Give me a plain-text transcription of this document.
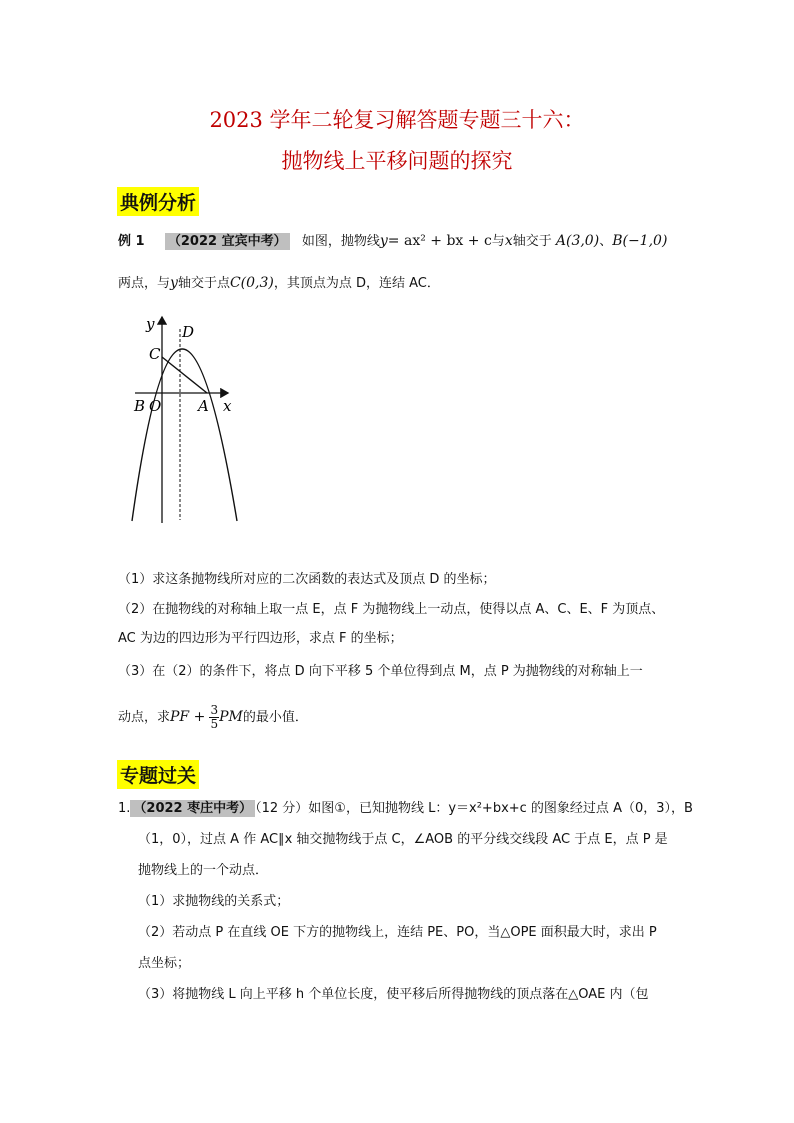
2023 学年二轮复习解答题专题三十六：
抛物线上平移问题的探究
典例分析
例 1 （2022 宜宾中考） 如图，抛物线y= ax² + bx + c与x轴交于 A(3,0)、B(−1,0)
两点，与y轴交于点C(0,3)，其顶点为点 D，连结 AC．
y D
C
B O A x
（1）求这条抛物线所对应的二次函数的表达式及顶点 D 的坐标；
（2）在抛物线的对称轴上取一点 E，点 F 为抛物线上一动点，使得以点 A、C、E、F 为顶点、
AC 为边的四边形为平行四边形，求点 F 的坐标；
（3）在（2）的条件下，将点 D 向下平移 5 个单位得到点 M，点 P 为抛物线的对称轴上一
动点，求PF + $\frac{3}{5}$ PM的最小值．
专题过关
1. （2022 枣庄中考） （12 分）如图①，已知抛物线 L：y＝x²+bx+c 的图象经过点 A（0，3），B
（1，0），过点 A 作 AC∥x 轴交抛物线于点 C，∠AOB 的平分线交线段 AC 于点 E，点 P 是
抛物线上的一个动点．
（1）求抛物线的关系式；
（2）若动点 P 在直线 OE 下方的抛物线上，连结 PE、PO，当△OPE 面积最大时，求出 P
点坐标；
（3）将抛物线 L 向上平移 h 个单位长度，使平移后所得抛物线的顶点落在△OAE 内（包
